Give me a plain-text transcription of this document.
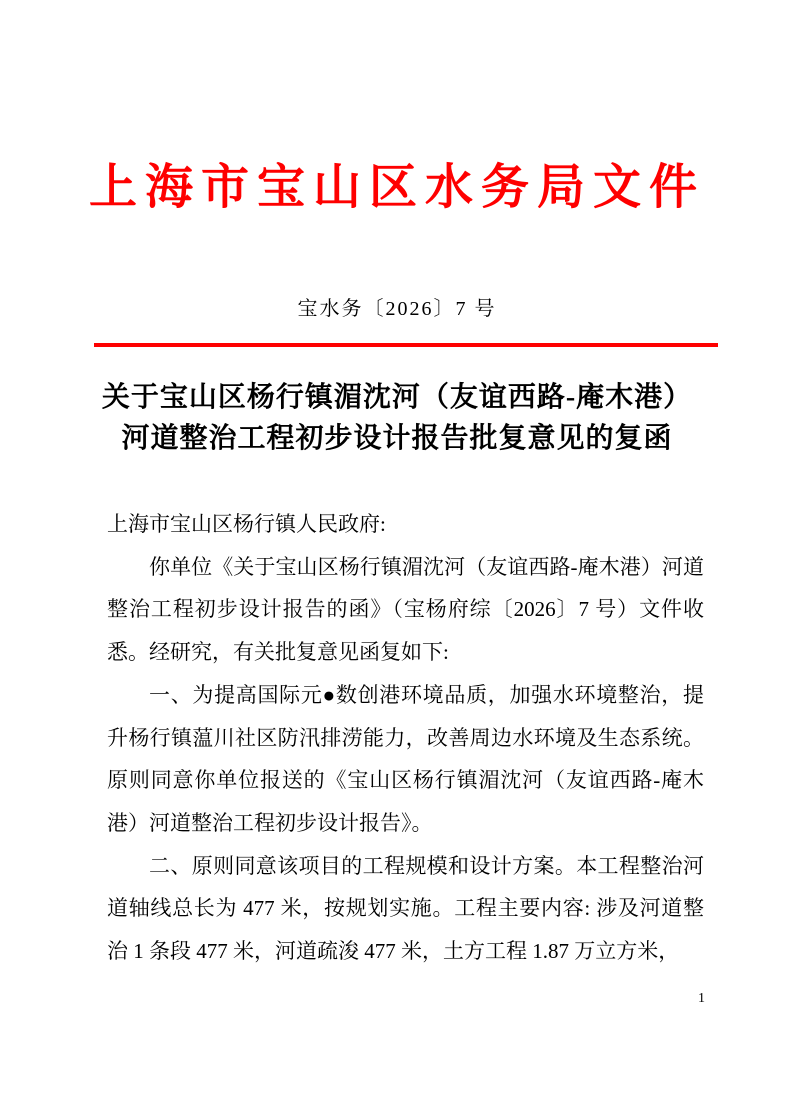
上海市宝山区水务局文件
宝水务〔2026〕7 号
关于宝山区杨行镇湄沈河（友谊西路-庵木港）
河道整治工程初步设计报告批复意见的复函

上海市宝山区杨行镇人民政府:

你单位《关于宝山区杨行镇湄沈河（友谊西路-庵木港）河道整治工程初步设计报告的函》（宝杨府综〔2026〕7 号）文件收悉。经研究，有关批复意见函复如下:

一、为提高国际元●数创港环境品质，加强水环境整治，提升杨行镇蕰川社区防汛排涝能力，改善周边水环境及生态系统。原则同意你单位报送的《宝山区杨行镇湄沈河（友谊西路-庵木港）河道整治工程初步设计报告》。

二、原则同意该项目的工程规模和设计方案。本工程整治河道轴线总长为 477 米，按规划实施。工程主要内容: 涉及河道整治 1 条段 477 米，河道疏浚 477 米，土方工程 1.87 万立方米，

1
